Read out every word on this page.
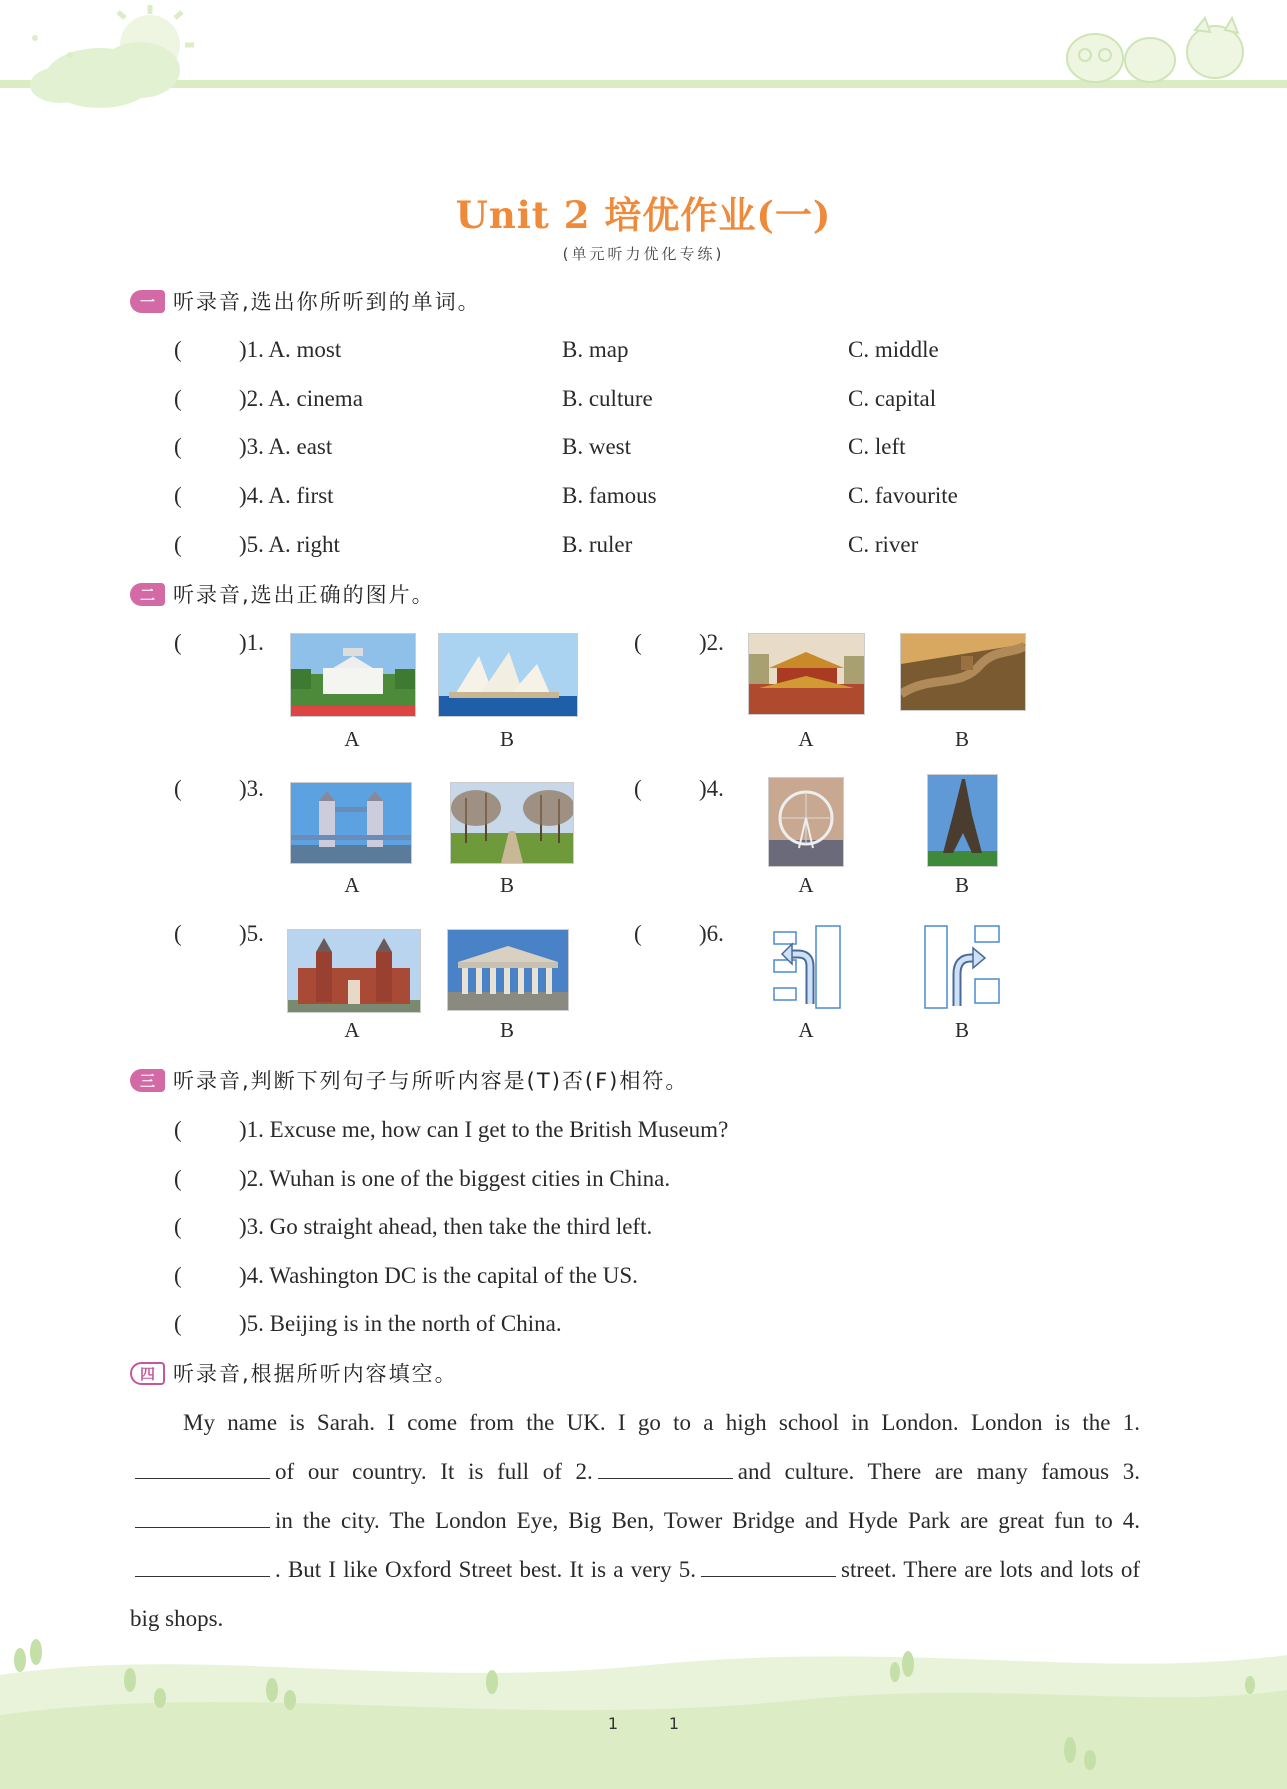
Unit 2 培优作业(一)
(单元听力优化专练)
一 听录音,选出你所听到的单词。
( )1. A. most	B. map	C. middle
( )2. A. cinema	B. culture	C. capital
( )3. A. east	B. west	C. left
( )4. A. first	B. famous	C. favourite
( )5. A. right	B. ruler	C. river
二 听录音,选出正确的图片。
( )1.	( )2.
( )3.	( )4.
( )5.	( )6.
A	B	A	B
A	B	A	B
A	B	A	B
三 听录音,判断下列句子与所听内容是(T)否(F)相符。
( )1. Excuse me, how can I get to the British Museum?
( )2. Wuhan is one of the biggest cities in China.
( )3. Go straight ahead, then take the third left.
( )4. Washington DC is the capital of the US.
( )5. Beijing is in the north of China.
四 听录音,根据所听内容填空。
My name is Sarah. I come from the UK. I go to a high school in London. London is the 1.of our country. It is full of 2.	and culture. There are many famous 3.in the city. The London Eye, Big Ben, Tower Bridge and Hyde Park are great fun to 4.. But I like Oxford Street best. It is a very 5.	street. There are lots and lots of big shops.
1          1
